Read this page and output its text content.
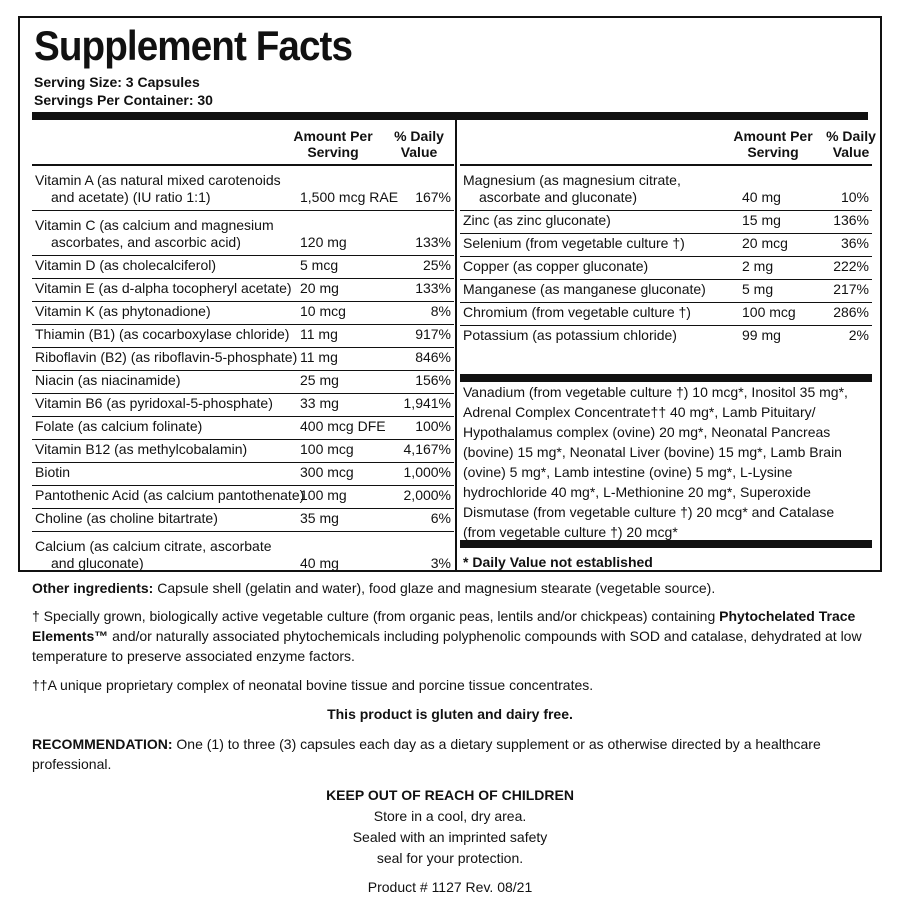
Supplement Facts
Serving Size: 3 Capsules
Servings Per Container: 30
Amount Per
Serving
% Daily
Value
Vitamin A (as natural mixed carotenoids
and acetate) (IU ratio 1:1)	1,500 mcg RAE 167%
Vitamin C (as calcium and magnesium
ascorbates, and ascorbic acid)	120 mg	133%
Vitamin D (as cholecalciferol)	5 mcg	25%
Vitamin E (as d-alpha tocopheryl acetate) 20 mg	133%
Vitamin K (as phytonadione)	10 mcg	8%
Thiamin (B1) (as cocarboxylase chloride) 11 mg	917%
Riboflavin (B2) (as riboflavin-5-phosphate) 11 mg	846%
Niacin (as niacinamide)	25 mg	156%
Vitamin B6 (as pyridoxal-5-phosphate) 33 mg	1,941%
Folate (as calcium folinate)	400 mcg DFE 100%
Vitamin B12 (as methylcobalamin)	100 mcg	4,167%
Biotin	300 mcg	1,000%
Pantothenic Acid (as calcium pantothenate)
100 mg	2,000%
Choline (as choline bitartrate)	35 mg	6%
Calcium (as calcium citrate, ascorbate
and gluconate)	40 mg	3%
Amount Per
Serving
% Daily
Value
Magnesium (as magnesium citrate,
ascorbate and gluconate)	40 mg	10%
Zinc (as zinc gluconate)	15 mg	136%
Selenium (from vegetable culture †)	20 mcg	36%
Copper (as copper gluconate)	2 mg	222%
Manganese (as manganese gluconate)	5 mg	217%
Chromium (from vegetable culture †)	100 mcg	286%
Potassium (as potassium chloride)	99 mg	2%
Vanadium (from vegetable culture †) 10 mcg*, Inositol 35 mg*, Adrenal Complex Concentrate†† 40 mg*, Lamb Pituitary/ Hypothalamus complex (ovine) 20 mg*, Neonatal Pancreas (bovine) 15 mg*, Neonatal Liver (bovine) 15 mg*, Lamb Brain (ovine) 5 mg*, Lamb intestine (ovine) 5 mg*, L-Lysine hydrochloride 40 mg*, L-Methionine 20 mg*, Superoxide Dismutase (from vegetable culture †) 20 mcg* and Catalase (from vegetable culture †) 20 mcg*
* Daily Value not established
Other ingredients: Capsule shell (gelatin and water), food glaze and magnesium stearate (vegetable source).
† Specially grown, biologically active vegetable culture (from organic peas, lentils and/or chickpeas) containing Phytochelated Trace Elements™ and/or naturally associated phytochemicals including polyphenolic compounds with SOD and catalase, dehydrated at low temperature to preserve associated enzyme factors.
††A unique proprietary complex of neonatal bovine tissue and porcine tissue concentrates.
This product is gluten and dairy free.
RECOMMENDATION: One (1) to three (3) capsules each day as a dietary supplement or as otherwise directed by a healthcare professional.
KEEP OUT OF REACH OF CHILDREN
Store in a cool, dry area.
Sealed with an imprinted safety
seal for your protection.
Product # 1127 Rev. 08/21
